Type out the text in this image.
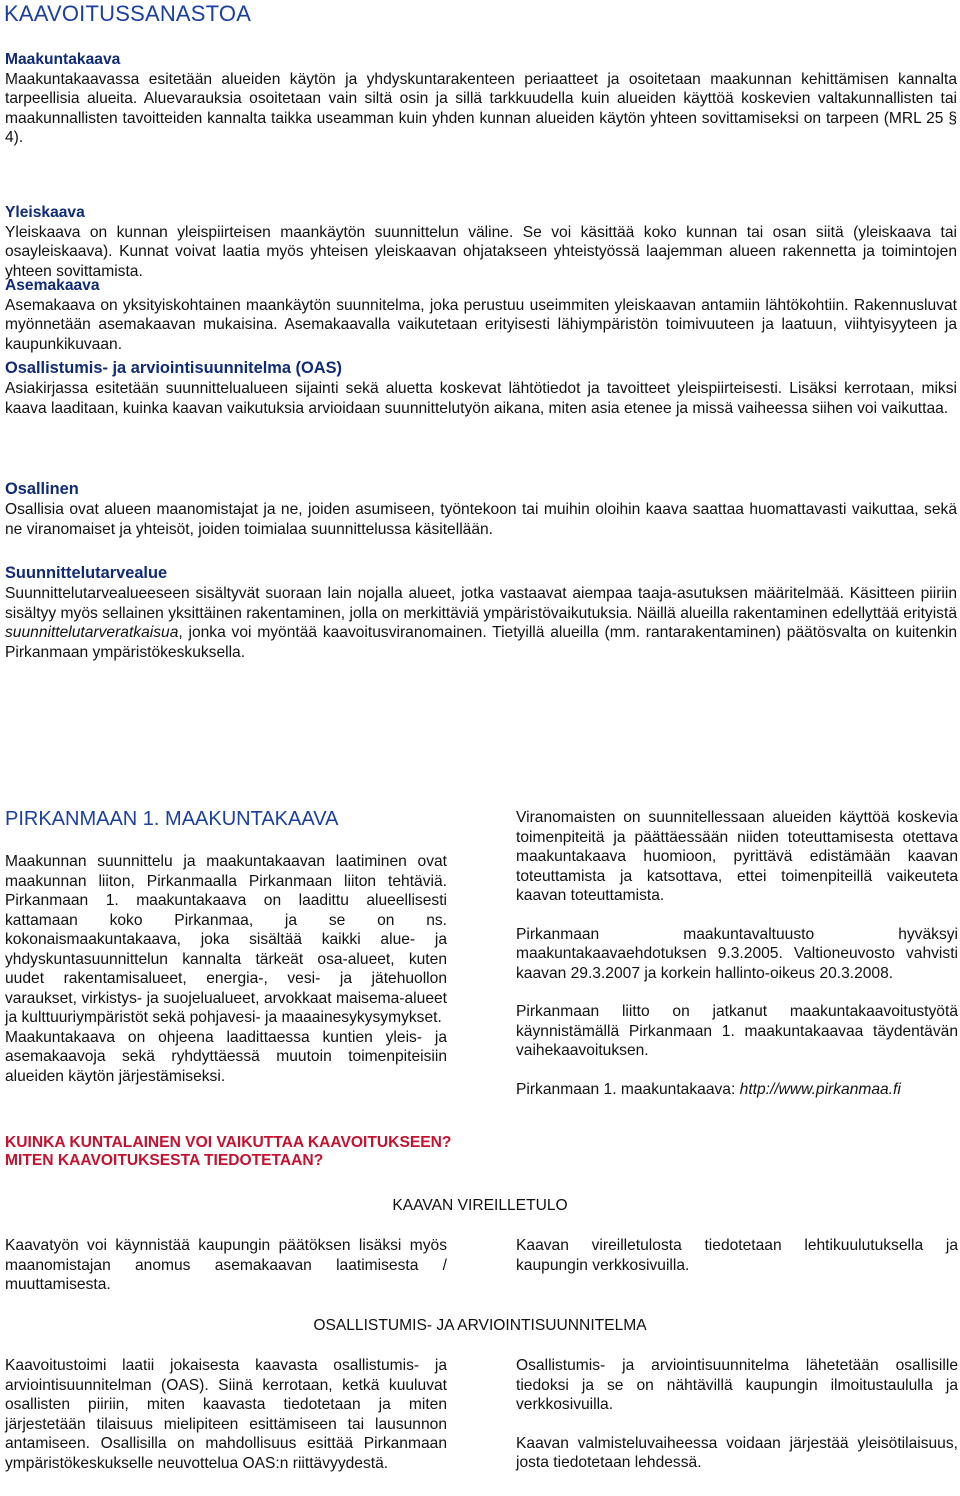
KAAVOITUSSANASTOA
Maakuntakaava

Maakuntakaavassa esitetään alueiden käytön ja yhdyskuntarakenteen periaatteet ja osoitetaan maakunnan kehittämisen kannalta tarpeellisia alueita. Aluevarauksia osoitetaan vain siltä osin ja sillä tarkkuudella kuin alueiden käyttöä koskevien valtakunnallisten tai maakunnallisten tavoitteiden kannalta taikka useamman kuin yhden kunnan alueiden käytön yhteen sovittamiseksi on tarpeen (MRL 25 § 4).

Yleiskaava

Yleiskaava on kunnan yleispiirteisen maankäytön suunnittelun väline. Se voi käsittää koko kunnan tai osan siitä (yleiskaava tai osayleiskaava). Kunnat voivat laatia myös yhteisen yleiskaavan ohjatakseen yhteistyössä laajemman alueen rakennetta ja toimintojen yhteen sovittamista.

Asemakaava

Asemakaava on yksityiskohtainen maankäytön suunnitelma, joka perustuu useimmiten yleiskaavan antamiin lähtökohtiin. Rakennusluvat myönnetään asemakaavan mukaisina. Asemakaavalla vaikutetaan erityisesti lähiympäristön toimivuuteen ja laatuun, viihtyisyyteen ja kaupunkikuvaan.

Osallistumis- ja arviointisuunnitelma (OAS)

Asiakirjassa esitetään suunnittelualueen sijainti sekä aluetta koskevat lähtötiedot ja tavoitteet yleispiirteisesti. Lisäksi kerrotaan, miksi kaava laaditaan, kuinka kaavan vaikutuksia arvioidaan suunnittelutyön aikana, miten asia etenee ja missä vaiheessa siihen voi vaikuttaa.

Osallinen

Osallisia ovat alueen maanomistajat ja ne, joiden asumiseen, työntekoon tai muihin oloihin kaava saattaa huomattavasti vaikuttaa, sekä ne viranomaiset ja yhteisöt, joiden toimialaa suunnittelussa käsitellään.

Suunnittelutarvealue

Suunnittelutarvealueeseen sisältyvät suoraan lain nojalla alueet, jotka vastaavat aiempaa taaja-asutuksen määritelmää. Käsitteen piiriin sisältyy myös sellainen yksittäinen rakentaminen, jolla on merkittäviä ympäristövaikutuksia. Näillä alueilla rakentaminen edellyttää erityistä suunnittelutarveratkaisua, jonka voi myöntää kaavoitusviranomainen. Tietyillä alueilla (mm. rantarakentaminen) päätösvalta on kuitenkin Pirkanmaan ympäristökeskuksella.

PIRKANMAAN 1. MAAKUNTAKAAVA

Maakunnan suunnittelu ja maakuntakaavan laatiminen ovat maakunnan liiton, Pirkanmaalla Pirkanmaan liiton tehtäviä. Pirkanmaan 1. maakuntakaava on laadittu alueellisesti kattamaan koko Pirkanmaa, ja se on ns. kokonaismaakuntakaava, joka sisältää kaikki alue- ja yhdyskuntasuunnittelun kannalta tärkeät osa-alueet, kuten uudet rakentamisalueet, energia-, vesi- ja jätehuollon varaukset, virkistys- ja suojelualueet, arvokkaat maisema-alueet ja kulttuuriympäristöt sekä pohjavesi- ja maaainesykysymykset.

Maakuntakaava on ohjeena laadittaessa kuntien yleis- ja asemakaavoja sekä ryhdyttäessä muutoin toimenpiteisiin alueiden käytön järjestämiseksi.

Viranomaisten on suunnitellessaan alueiden käyttöä koskevia toimenpiteitä ja päättäessään niiden toteuttamisesta otettava maakuntakaava huomioon, pyrittävä edistämään kaavan toteuttamista ja katsottava, ettei toimenpiteillä vaikeuteta kaavan toteuttamista.

Pirkanmaan maakuntavaltuusto hyväksyi maakuntakaavaehdotuksen 9.3.2005. Valtioneuvosto vahvisti kaavan 29.3.2007 ja korkein hallinto-oikeus 20.3.2008.

Pirkanmaan liitto on jatkanut maakuntakaavoitustyötä käynnistämällä Pirkanmaan 1. maakuntakaavaa täydentävän vaihekaavoituksen.

Pirkanmaan 1. maakuntakaava: http://www.pirkanmaa.fi

KUINKA KUNTALAINEN VOI VAIKUTTAA KAAVOITUKSEEN?
MITEN KAAVOITUKSESTA TIEDOTETAAN?
KAAVAN VIREILLETULO

Kaavatyön voi käynnistää kaupungin päätöksen lisäksi myös maanomistajan anomus asemakaavan laatimisesta / muuttamisesta.

Kaavan vireilletulosta tiedotetaan lehtikuulutuksella ja kaupungin verkkosivuilla.

OSALLISTUMIS- JA ARVIOINTISUUNNITELMA

Kaavoitustoimi laatii jokaisesta kaavasta osallistumis- ja arviointisuunnitelman (OAS). Siinä kerrotaan, ketkä kuuluvat osallisten piiriin, miten kaavasta tiedotetaan ja miten järjestetään tilaisuus mielipiteen esittämiseen tai lausunnon antamiseen. Osallisilla on mahdollisuus esittää Pirkanmaan ympäristökeskukselle neuvottelua OAS:n riittävyydestä.

Osallistumis- ja arviointisuunnitelma lähetetään osallisille tiedoksi ja se on nähtävillä kaupungin ilmoitustaululla ja verkkosivuilla.

Kaavan valmisteluvaiheessa voidaan järjestää yleisötilaisuus, josta tiedotetaan lehdessä.
